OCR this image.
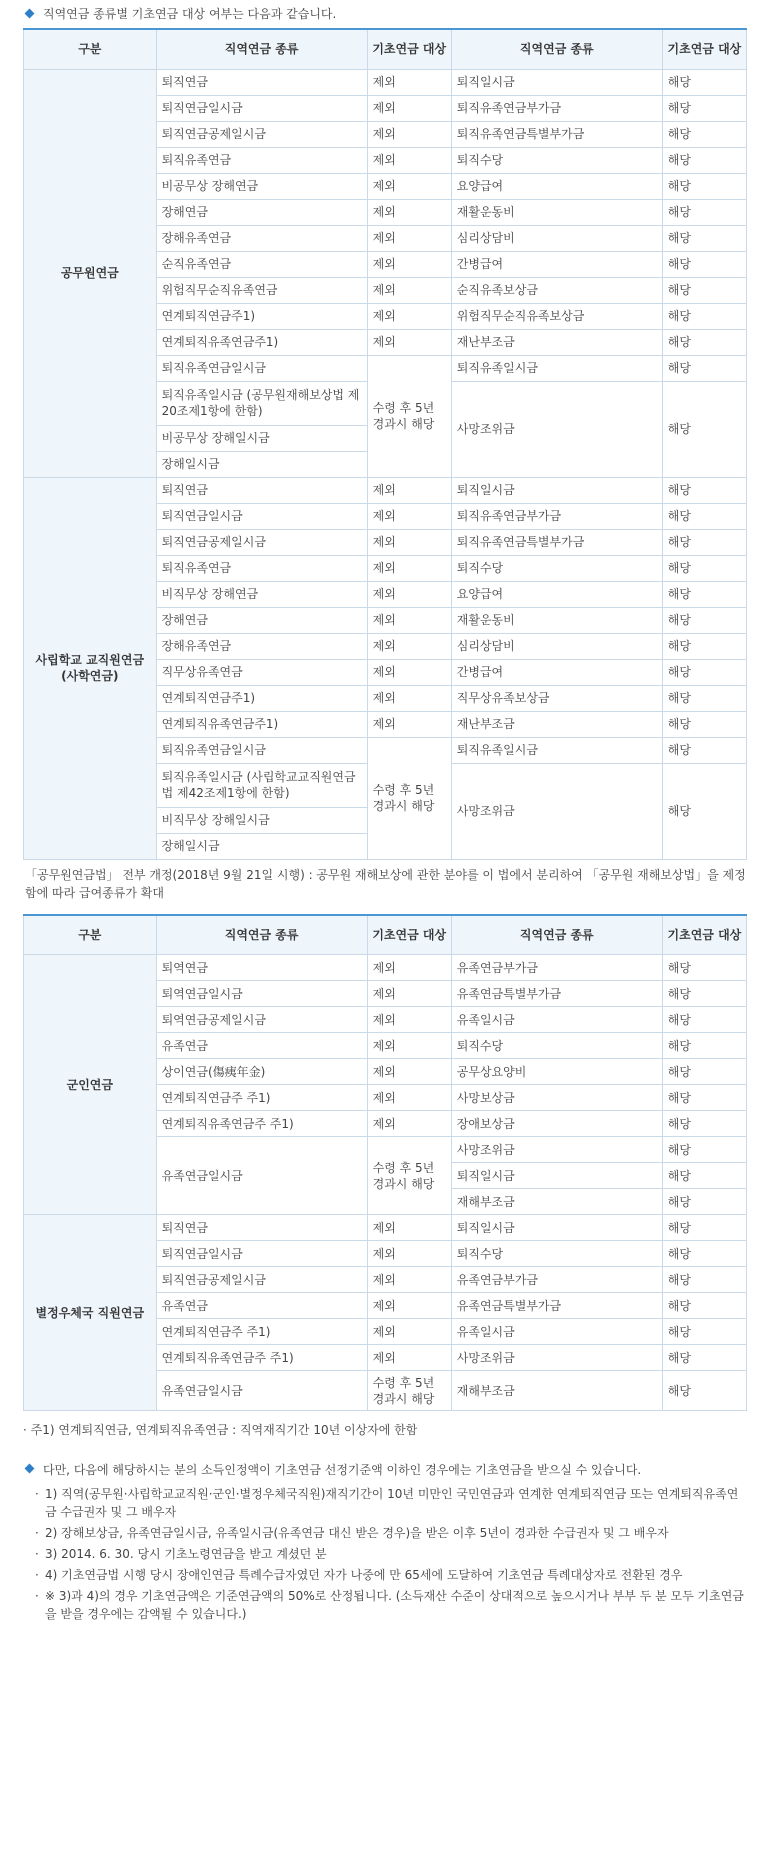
직역연금 종류별 기초연금 대상 여부는 다음과 같습니다.
구분	직역연금 종류	기초연금 대상	직역연금 종류	기초연금 대상
공무원연금	퇴직연금	제외	퇴직일시금	해당
	퇴직연금일시금	제외	퇴직유족연금부가금	해당
	퇴직연금공제일시금	제외	퇴직유족연금특별부가금	해당
	퇴직유족연금	제외	퇴직수당	해당
	비공무상 장해연금	제외	요양급여	해당
	장해연금	제외	재활운동비	해당
	장해유족연금	제외	심리상담비	해당
	순직유족연금	제외	간병급여	해당
	위험직무순직유족연금	제외	순직유족보상금	해당
	연계퇴직연금주1)	제외	위험직무순직유족보상금	해당
	연계퇴직유족연금주1)	제외	재난부조금	해당
	퇴직유족연금일시금	수령 후 5년 경과시 해당	퇴직유족일시금	해당
	퇴직유족일시금 (공무원재해보상법 제20조제1항에 한함)		사망조위금	해당
	비공무상 장해일시금			
	장해일시금			
사립학교 교직원연금 (사학연금)	퇴직연금	제외	퇴직일시금	해당
	퇴직연금일시금	제외	퇴직유족연금부가금	해당
	퇴직연금공제일시금	제외	퇴직유족연금특별부가금	해당
	퇴직유족연금	제외	퇴직수당	해당
	비직무상 장해연금	제외	요양급여	해당
	장해연금	제외	재활운동비	해당
	장해유족연금	제외	심리상담비	해당
	직무상유족연금	제외	간병급여	해당
	연계퇴직연금주1)	제외	직무상유족보상금	해당
	연계퇴직유족연금주1)	제외	재난부조금	해당
	퇴직유족연금일시금	수령 후 5년 경과시 해당	퇴직유족일시금	해당
	퇴직유족일시금 (사립학교교직원연금법 제42조제1항에 한함)		사망조위금	해당
	비직무상 장해일시금			
	장해일시금			
「공무원연금법」 전부 개정(2018년 9월 21일 시행) : 공무원 재해보상에 관한 분야를 이 법에서 분리하여 「공무원 재해보상법」을 제정함에 따라 급여종류가 확대
구분	직역연금 종류	기초연금 대상	직역연금 종류	기초연금 대상
군인연금	퇴역연금	제외	유족연금부가금	해당
	퇴역연금일시금	제외	유족연금특별부가금	해당
	퇴역연금공제일시금	제외	유족일시금	해당
	유족연금	제외	퇴직수당	해당
	상이연금(傷痍年金)	제외	공무상요양비	해당
	연계퇴직연금주 주1)	제외	사망보상금	해당
	연계퇴직유족연금주 주1)	제외	장애보상금	해당
	유족연금일시금	수령 후 5년 경과시 해당	사망조위금	해당
			퇴직일시금	해당
			재해부조금	해당
별정우체국 직원연금	퇴직연금	제외	퇴직일시금	해당
	퇴직연금일시금	제외	퇴직수당	해당
	퇴직연금공제일시금	제외	유족연금부가금	해당
	유족연금	제외	유족연금특별부가금	해당
	연계퇴직연금주 주1)	제외	유족일시금	해당
	연계퇴직유족연금주 주1)	제외	사망조위금	해당
	유족연금일시금	수령 후 5년 경과시 해당	재해부조금	해당
· 주1) 연계퇴직연금, 연계퇴직유족연금 : 직역재직기간 10년 이상자에 한함
다만, 다음에 해당하시는 분의 소득인정액이 기초연금 선정기준액 이하인 경우에는 기초연금을 받으실 수 있습니다.
· 1) 직역(공무원·사립학교교직원·군인·별정우체국직원)재직기간이 10년 미만인 국민연금과 연계한 연계퇴직연금 또는 연계퇴직유족연금 수급권자 및 그 배우자
· 2) 장해보상금, 유족연금일시금, 유족일시금(유족연금 대신 받은 경우)을 받은 이후 5년이 경과한 수급권자 및 그 배우자
· 3) 2014. 6. 30. 당시 기초노령연금을 받고 계셨던 분
· 4) 기초연금법 시행 당시 장애인연금 특례수급자였던 자가 나중에 만 65세에 도달하여 기초연금 특례대상자로 전환된 경우
· ※ 3)과 4)의 경우 기초연금액은 기준연금액의 50%로 산정됩니다. (소득재산 수준이 상대적으로 높으시거나 부부 두 분 모두 기초연금을 받을 경우에는 감액될 수 있습니다.)
